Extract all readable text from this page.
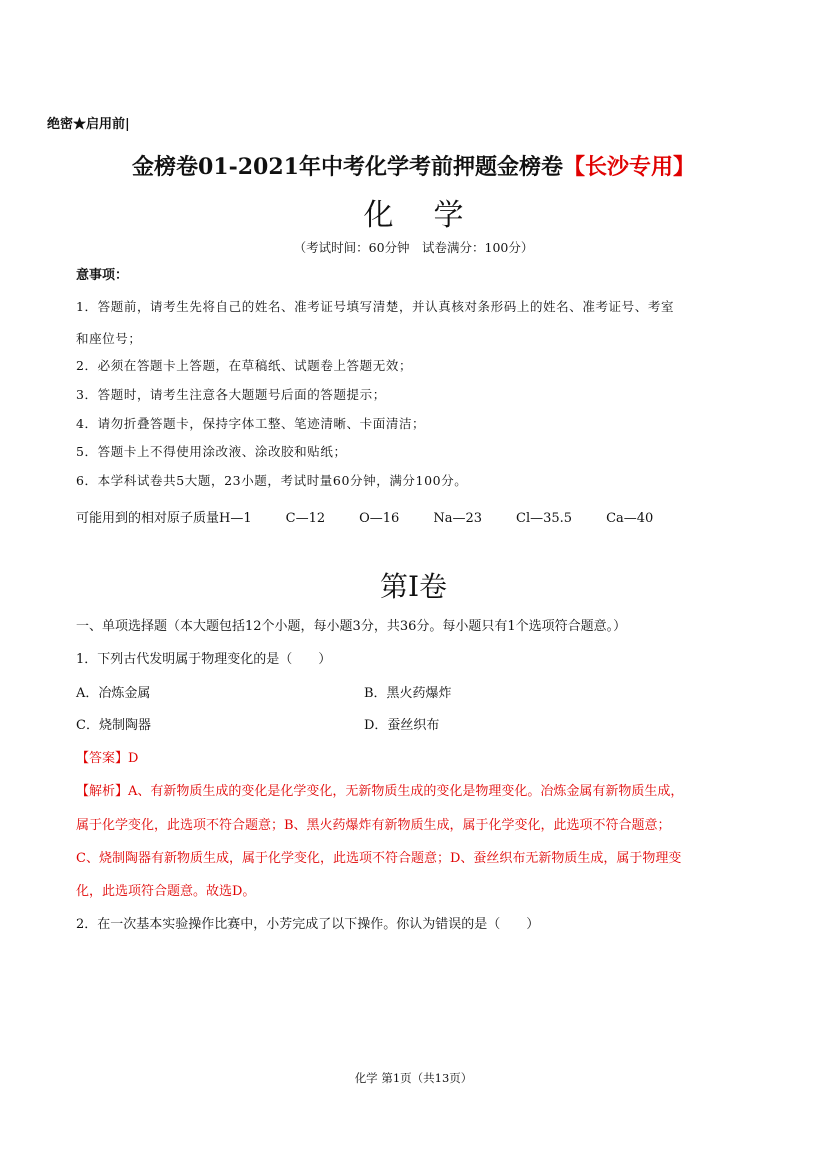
绝密★启用前|

金榜卷01-2021年中考化学考前押题金榜卷【长沙专用】

化学

（考试时间：60分钟　试卷满分：100分）

意事项：

1．答题前，请考生先将自己的姓名、准考证号填写清楚，并认真核对条形码上的姓名、准考证号、考室

和座位号；

2．必须在答题卡上答题，在草稿纸、试题卷上答题无效；

3．答题时，请考生注意各大题题号后面的答题提示；

4．请勿折叠答题卡，保持字体工整、笔迹清晰、卡面清洁；

5．答题卡上不得使用涂改液、涂改胶和贴纸；

6．本学科试卷共5大题，23小题，考试时量60分钟，满分100分。

可能用到的相对原子质量H—1	C—12	O—16	Na—23	Cl—35.5	Ca—40

第Ⅰ卷

一、单项选择题（本大题包括12个小题，每小题3分，共36分。每小题只有1个选项符合题意。）

1．下列古代发明属于物理变化的是（　　）

A．冶炼金属	B．黑火药爆炸

C．烧制陶器	D．蚕丝织布

【答案】D

【解析】A、有新物质生成的变化是化学变化，无新物质生成的变化是物理变化。冶炼金属有新物质生成，

属于化学变化，此选项不符合题意；B、黑火药爆炸有新物质生成，属于化学变化，此选项不符合题意；

C、烧制陶器有新物质生成，属于化学变化，此选项不符合题意；D、蚕丝织布无新物质生成，属于物理变

化，此选项符合题意。故选D。

2．在一次基本实验操作比赛中，小芳完成了以下操作。你认为错误的是（　　）

化学 第1页（共13页）
